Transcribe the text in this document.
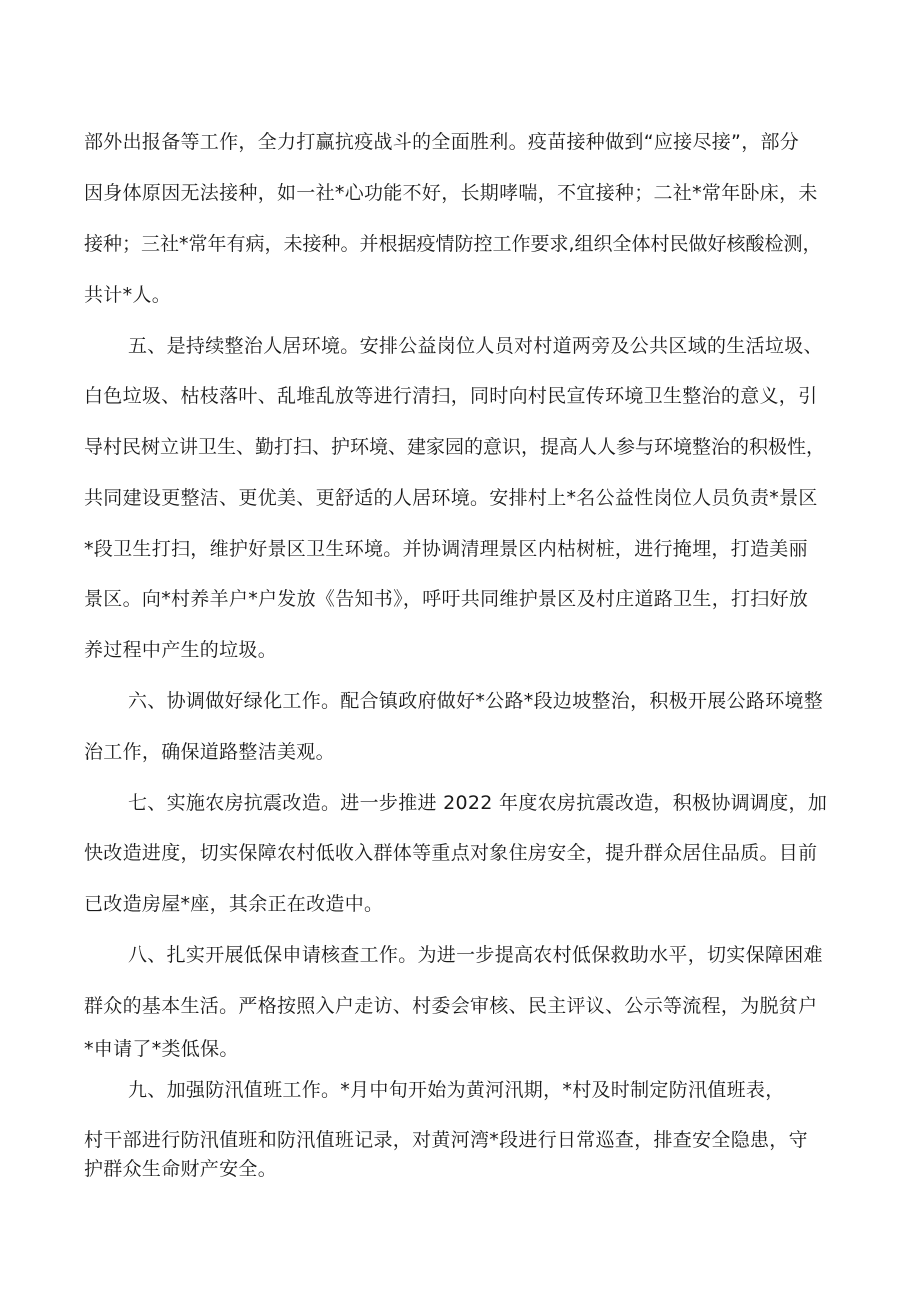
部外出报备等工作，全力打赢抗疫战斗的全面胜利。疫苗接种做到“应接尽接”，部分
因身体原因无法接种，如一社*心功能不好，长期哮喘，不宜接种；二社*常年卧床，未
接种；三社*常年有病，未接种。并根据疫情防控工作要求,组织全体村民做好核酸检测，
共计*人。
五、是持续整治人居环境。安排公益岗位人员对村道两旁及公共区域的生活垃圾、
白色垃圾、枯枝落叶、乱堆乱放等进行清扫，同时向村民宣传环境卫生整治的意义，引
导村民树立讲卫生、勤打扫、护环境、建家园的意识，提高人人参与环境整治的积极性，
共同建设更整洁、更优美、更舒适的人居环境。安排村上*名公益性岗位人员负责*景区
*段卫生打扫，维护好景区卫生环境。并协调清理景区内枯树桩，进行掩埋，打造美丽
景区。向*村养羊户*户发放《告知书》，呼吁共同维护景区及村庄道路卫生，打扫好放
养过程中产生的垃圾。
六、协调做好绿化工作。配合镇政府做好*公路*段边坡整治，积极开展公路环境整
治工作，确保道路整洁美观。
七、实施农房抗震改造。进一步推进 2022 年度农房抗震改造，积极协调调度，加
快改造进度，切实保障农村低收入群体等重点对象住房安全，提升群众居住品质。目前
已改造房屋*座，其余正在改造中。
八、扎实开展低保申请核查工作。为进一步提高农村低保救助水平，切实保障困难
群众的基本生活。严格按照入户走访、村委会审核、民主评议、公示等流程，为脱贫户
*申请了*类低保。
九、加强防汛值班工作。*月中旬开始为黄河汛期，*村及时制定防汛值班表，
村干部进行防汛值班和防汛值班记录，对黄河湾*段进行日常巡查，排查安全隐患，守
护群众生命财产安全。
